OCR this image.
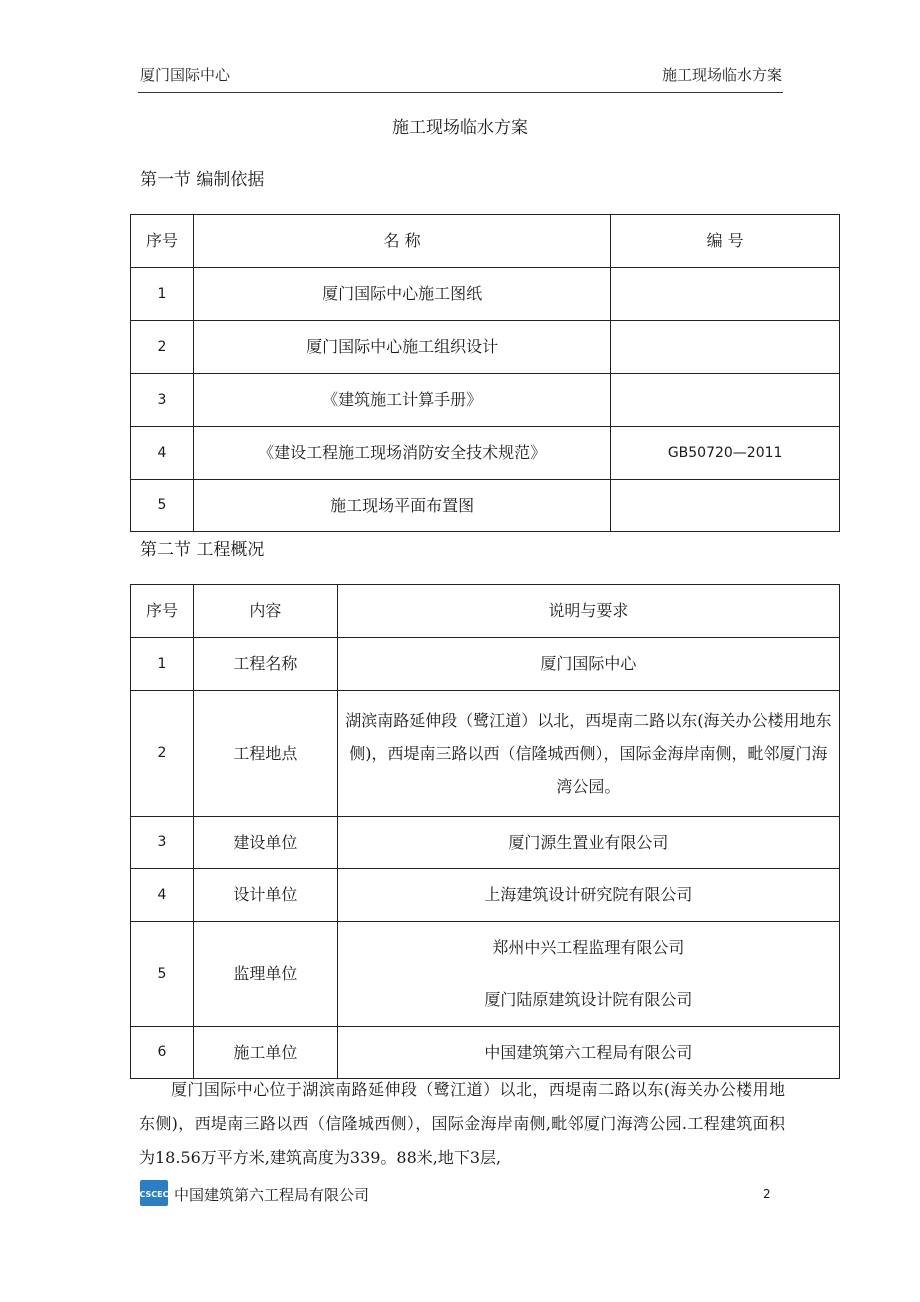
厦门国际中心	施工现场临水方案
施工现场临水方案
第一节 编制依据
序号	名 称	编 号
1	厦门国际中心施工图纸	
2	厦门国际中心施工组织设计	
3	《建筑施工计算手册》	
4	《建设工程施工现场消防安全技术规范》	GB50720—2011
5	施工现场平面布置图	
第二节 工程概况
序号	内容	说明与要求
1	工程名称	厦门国际中心
2	工程地点	湖滨南路延伸段（鹭江道）以北，西堤南二路以东(海关办公楼用地东侧)，西堤南三路以西（信隆城西侧），国际金海岸南侧，毗邻厦门海湾公园。
3	建设单位	厦门源生置业有限公司
4	设计单位	上海建筑设计研究院有限公司
5	监理单位	郑州中兴工程监理有限公司
厦门陆原建筑设计院有限公司

6	施工单位	中国建筑第六工程局有限公司

厦门国际中心位于湖滨南路延伸段（鹭江道）以北，西堤南二路以东(海关办公楼用地东侧)，西堤南三路以西（信隆城西侧），国际金海岸南侧,毗邻厦门海湾公园.工程建筑面积为18.56万平方米,建筑高度为339。88米,地下3层,

CSCEC 中国建筑第六工程局有限公司	2
